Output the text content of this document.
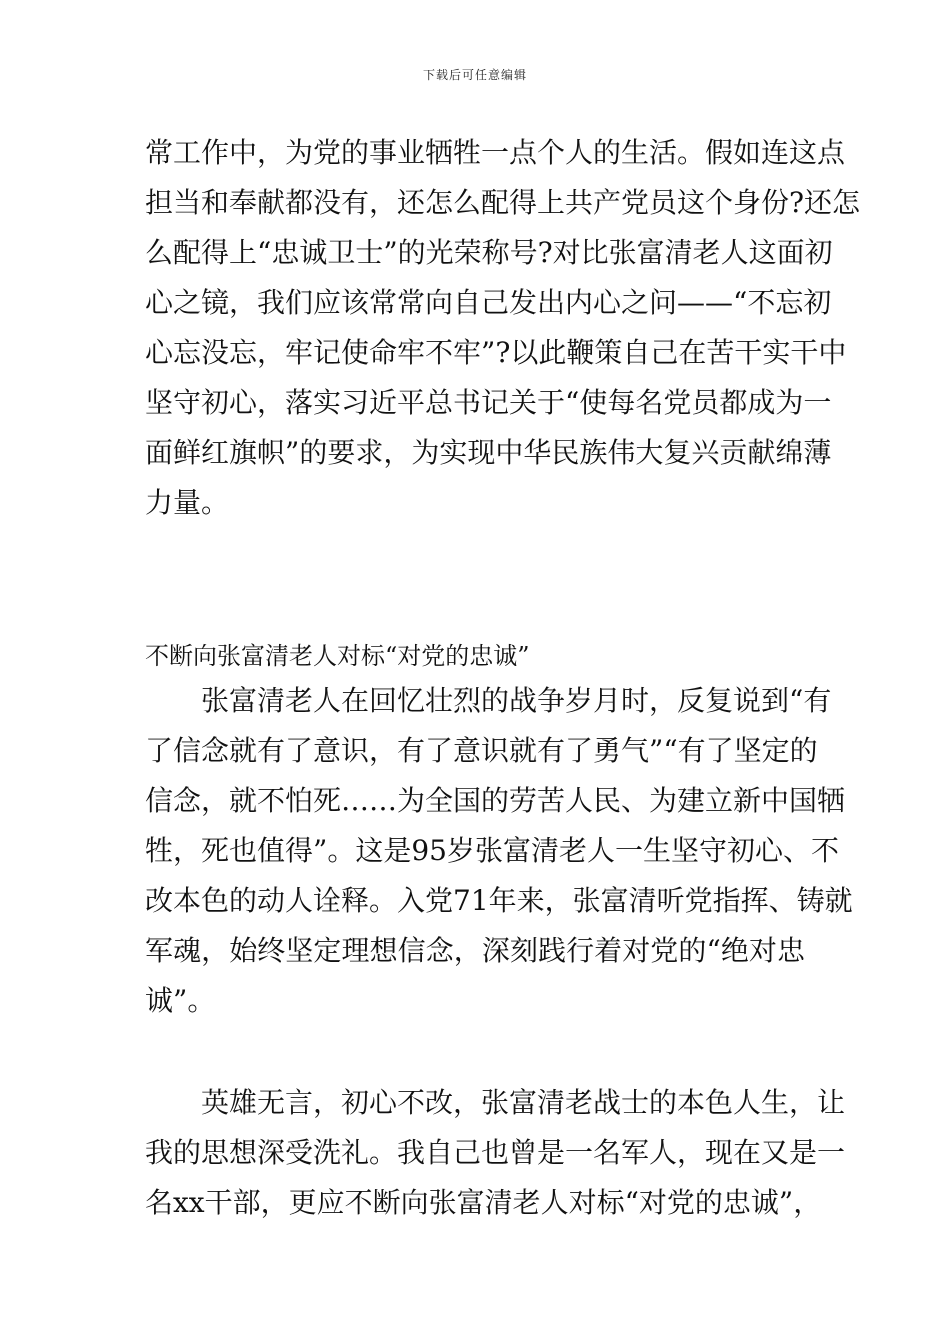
下载后可任意编辑
常工作中，为党的事业牺牲一点个人的生活。假如连这点
担当和奉献都没有，还怎么配得上共产党员这个身份?还怎
么配得上“忠诚卫士”的光荣称号?对比张富清老人这面初
心之镜，我们应该常常向自己发出内心之问——“不忘初
心忘没忘，牢记使命牢不牢”?以此鞭策自己在苦干实干中
坚守初心，落实习近平总书记关于“使每名党员都成为一
面鲜红旗帜”的要求，为实现中华民族伟大复兴贡献绵薄
力量。
不断向张富清老人对标“对党的忠诚”
张富清老人在回忆壮烈的战争岁月时，反复说到“有
了信念就有了意识，有了意识就有了勇气”“有了坚定的
信念，就不怕死……为全国的劳苦人民、为建立新中国牺
牲，死也值得”。这是95岁张富清老人一生坚守初心、不
改本色的动人诠释。入党71年来，张富清听党指挥、铸就
军魂，始终坚定理想信念，深刻践行着对党的“绝对忠
诚”。
英雄无言，初心不改，张富清老战士的本色人生，让
我的思想深受洗礼。我自己也曾是一名军人，现在又是一
名xx干部，更应不断向张富清老人对标“对党的忠诚”，
